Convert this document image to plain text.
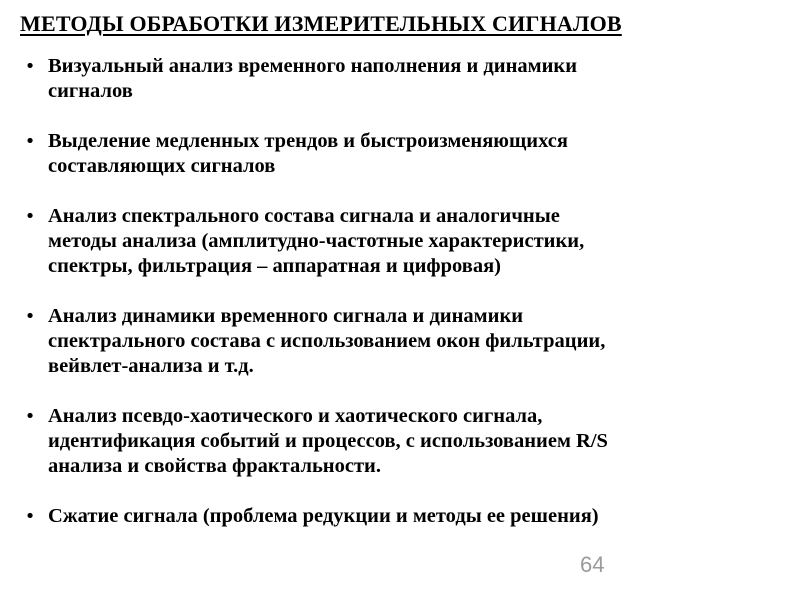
МЕТОДЫ ОБРАБОТКИ ИЗМЕРИТЕЛЬНЫХ СИГНАЛОВ
64
• Визуальный анализ временного наполнения и динамики
сигналов
• Выделение медленных трендов и быстроизменяющихся
составляющих сигналов
• Анализ спектрального состава сигнала и аналогичные
методы анализа (амплитудно-частотные характеристики,
спектры, фильтрация – аппаратная и цифровая)
• Анализ динамики временного сигнала и динамики
спектрального состава с использованием окон фильтрации,
вейвлет-анализа и т.д.
• Анализ псевдо-хаотического и хаотического сигнала,
идентификация событий и процессов, с использованием R/S
анализа и свойства фрактальности.
• Сжатие сигнала (проблема редукции и методы ее решения)
